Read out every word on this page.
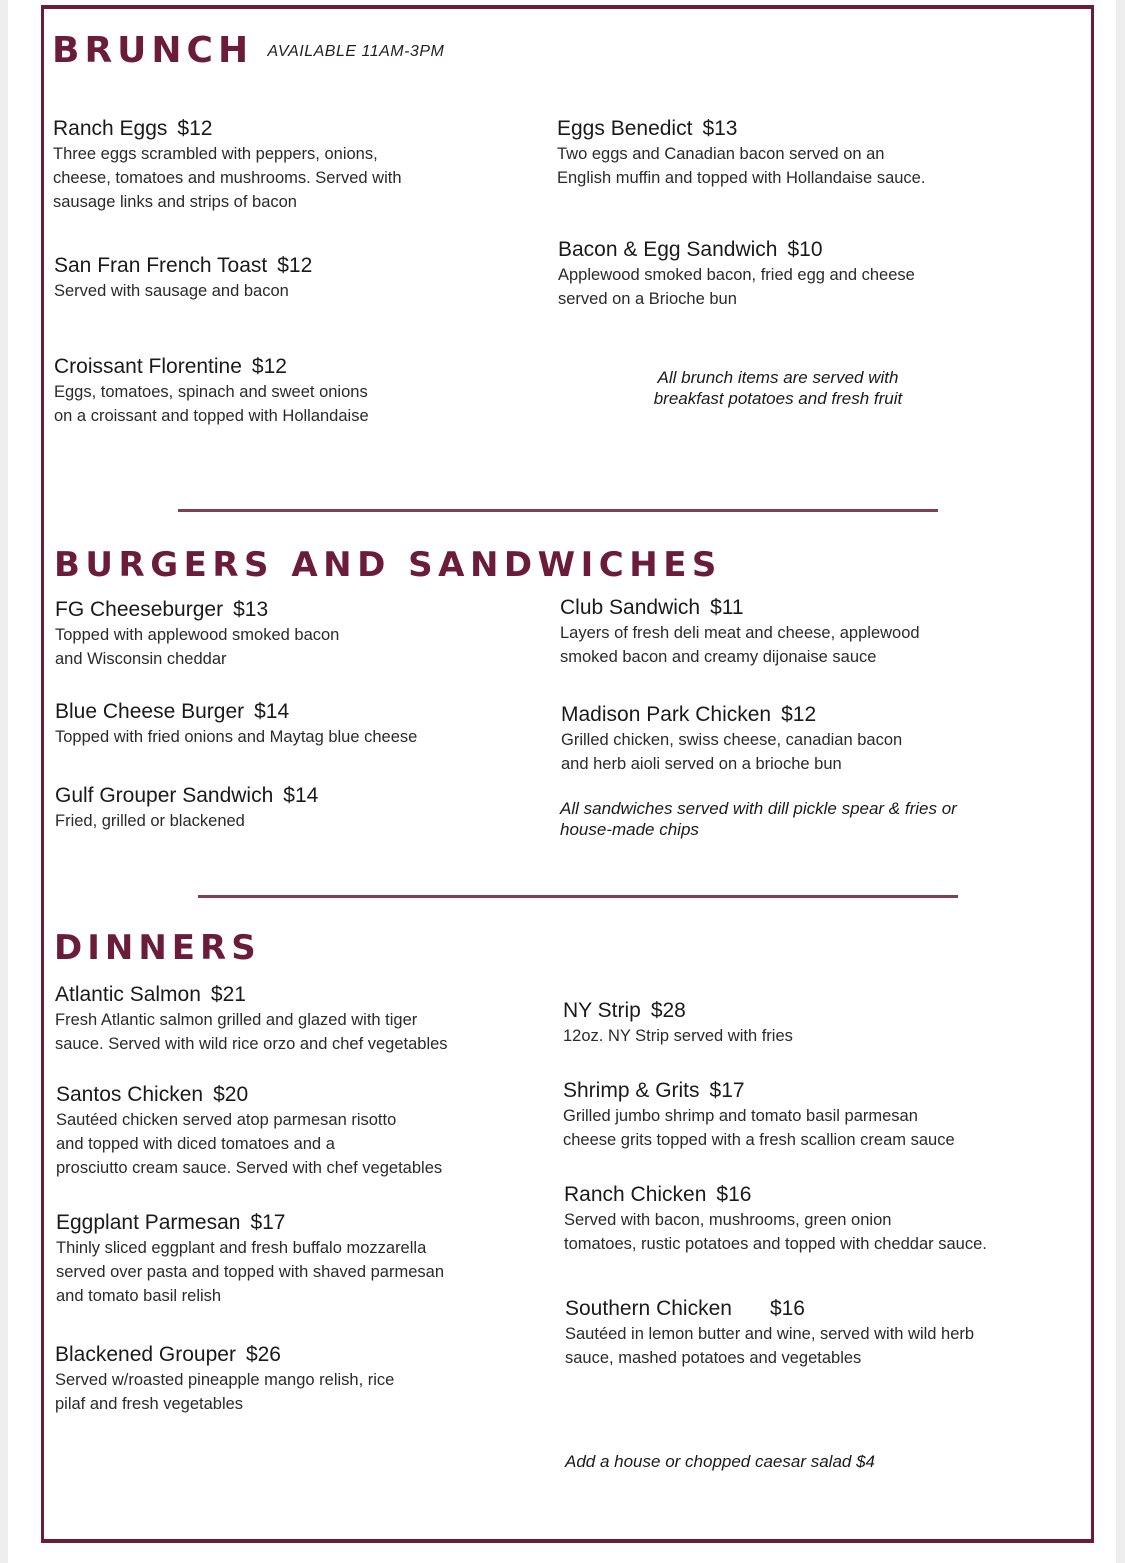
BRUNCH AVAILABLE 11AM-3PM
Ranch Eggs $12
Three eggs scrambled with peppers, onions,
cheese, tomatoes and mushrooms. Served with
sausage links and strips of bacon
Eggs Benedict $13
Two eggs and Canadian bacon served on an
English muffin and topped with Hollandaise sauce.
San Fran French Toast $12
Served with sausage and bacon
Bacon & Egg Sandwich $10
Applewood smoked bacon, fried egg and cheese
served on a Brioche bun
Croissant Florentine $12
Eggs, tomatoes, spinach and sweet onions
on a croissant and topped with Hollandaise
All brunch items are served with
breakfast potatoes and fresh fruit
BURGERS AND SANDWICHES
FG Cheeseburger $13
Topped with applewood smoked bacon
and Wisconsin cheddar
Club Sandwich $11
Layers of fresh deli meat and cheese, applewood
smoked bacon and creamy dijonaise sauce
Blue Cheese Burger $14
Topped with fried onions and Maytag blue cheese
Madison Park Chicken $12
Grilled chicken, swiss cheese, canadian bacon
and herb aioli served on a brioche bun
Gulf Grouper Sandwich $14
Fried, grilled or blackened
All sandwiches served with dill pickle spear & fries or
house-made chips
DINNERS
Atlantic Salmon $21
Fresh Atlantic salmon grilled and glazed with tiger
sauce. Served with wild rice orzo and chef vegetables
NY Strip $28
12oz. NY Strip served with fries
Santos Chicken $20
Sautéed chicken served atop parmesan risotto
and topped with diced tomatoes and a
prosciutto cream sauce. Served with chef vegetables
Shrimp & Grits $17
Grilled jumbo shrimp and tomato basil parmesan
cheese grits topped with a fresh scallion cream sauce
Ranch Chicken $16
Served with bacon, mushrooms, green onion
tomatoes, rustic potatoes and topped with cheddar sauce.
Eggplant Parmesan $17
Thinly sliced eggplant and fresh buffalo mozzarella
served over pasta and topped with shaved parmesan
and tomato basil relish
Southern Chicken $16
Sautéed in lemon butter and wine, served with wild herb
sauce, mashed potatoes and vegetables
Blackened Grouper $26
Served w/roasted pineapple mango relish, rice
pilaf and fresh vegetables
Add a house or chopped caesar salad $4
